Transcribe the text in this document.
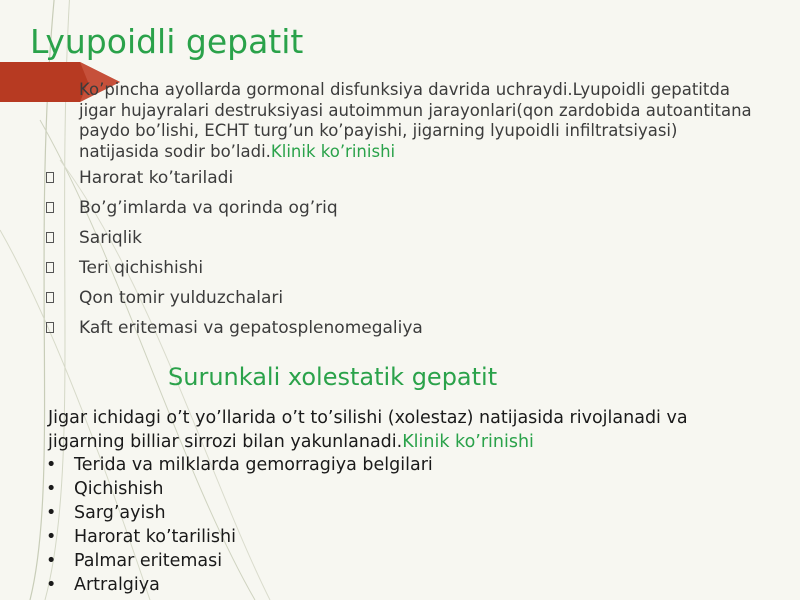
Lyupoidli gepatit

Ko’pincha ayollarda gormonal disfunksiya davrida uchraydi.Lyupoidli gepatitda jigar hujayralari destruksiyasi autoimmun jarayonlari(qon zardobida autoantitana paydo bo’lishi, ECHT turg’un ko’payishi, jigarning lyupoidli infiltratsiyasi) natijasida sodir bo’ladi.Klinik ko’rinishi

Harorat ko’tariladi
Bo’g’imlarda va qorinda og’riq
Sariqlik
Teri qichishishi
Qon tomir yulduzchalari
Kaft eritemasi va gepatosplenomegaliya
Surunkali xolestatik gepatit

Jigar ichidagi o’t yo’llarida o’t to’silishi (xolestaz) natijasida rivojlanadi va jigarning billiar sirrozi bilan yakunlanadi.Klinik ko’rinishi

• Terida va milklarda gemorragiya belgilari
• Qichishish
• Sarg’ayish
• Harorat ko’tarilishi
• Palmar eritemasi
• Artralgiya
